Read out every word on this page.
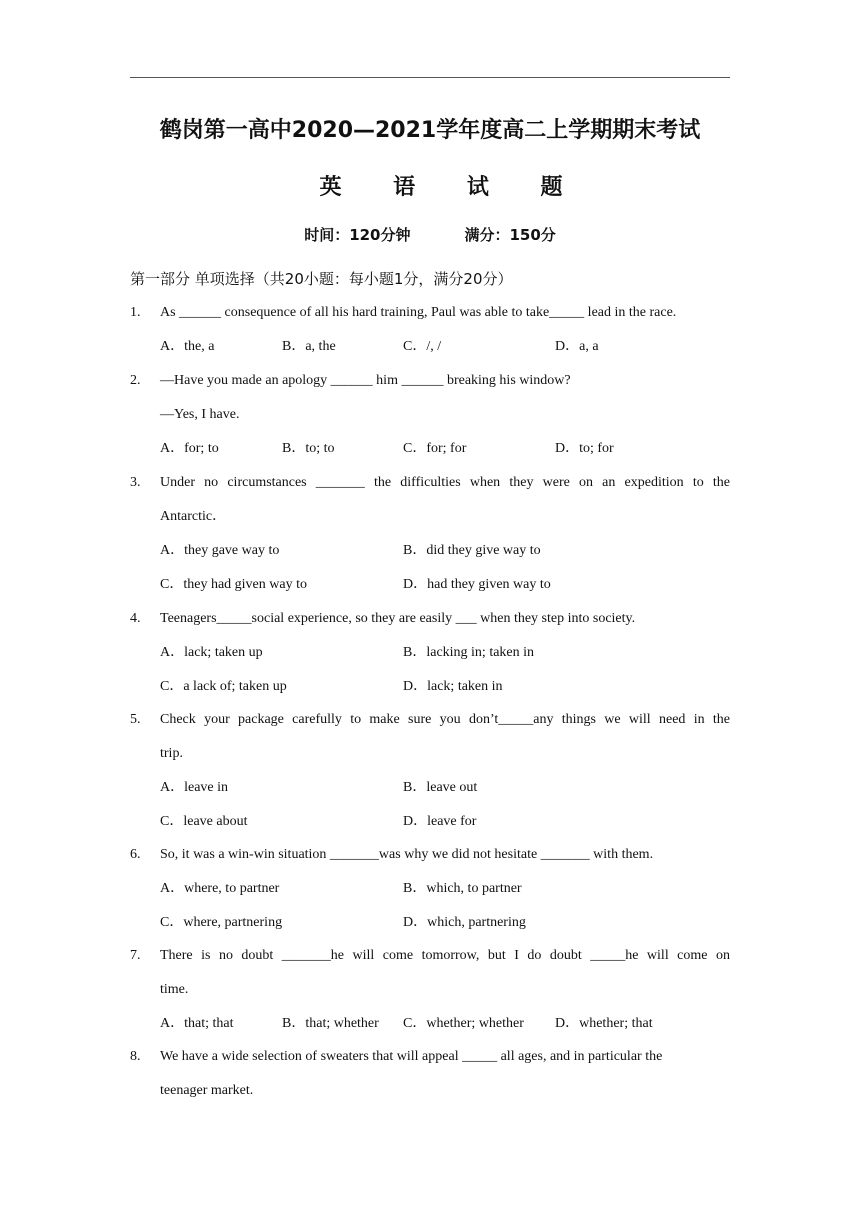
鹤岗第一高中2020—2021学年度高二上学期期末考试
英 语 试 题
时间：120分钟	满分：150分
第一部分 单项选择（共20小题：每小题1分，满分20分）
1. As ______ consequence of all his hard training, Paul was able to take_____ lead in the race.
A．the, a	B．a, the	C．/, /	D．a, a
2. —Have you made an apology ______ him ______ breaking his window?
—Yes, I have.
A．for; to	B．to; to	C．for; for	D．to; for
3. Under no circumstances _______ the difficulties when they were on an expedition to the
Antarctic．
A．they gave way to	B．did they give way to
C．they had given way to	D．had they given way to
4. Teenagers_____social experience, so they are easily ___ when they step into society.
A．lack; taken up	B．lacking in; taken in
C．a lack of; taken up	D．lack; taken in
5. Check your package carefully to make sure you don’t_____any things we will need in the
trip.
A．leave in	B．leave out
C．leave about	D．leave for
6. So, it was a win-win situation _______was why we did not hesitate _______ with them.
A．where, to partner	B．which, to partner
C．where, partnering	D．which, partnering
7. There is no doubt _______he will come tomorrow, but I do doubt _____he will come on
time.
A．that; that	B．that; whether C．whether; whether D．whether; that
8. We have a wide selection of sweaters that will appeal _____ all ages, and in particular the
teenager market.
